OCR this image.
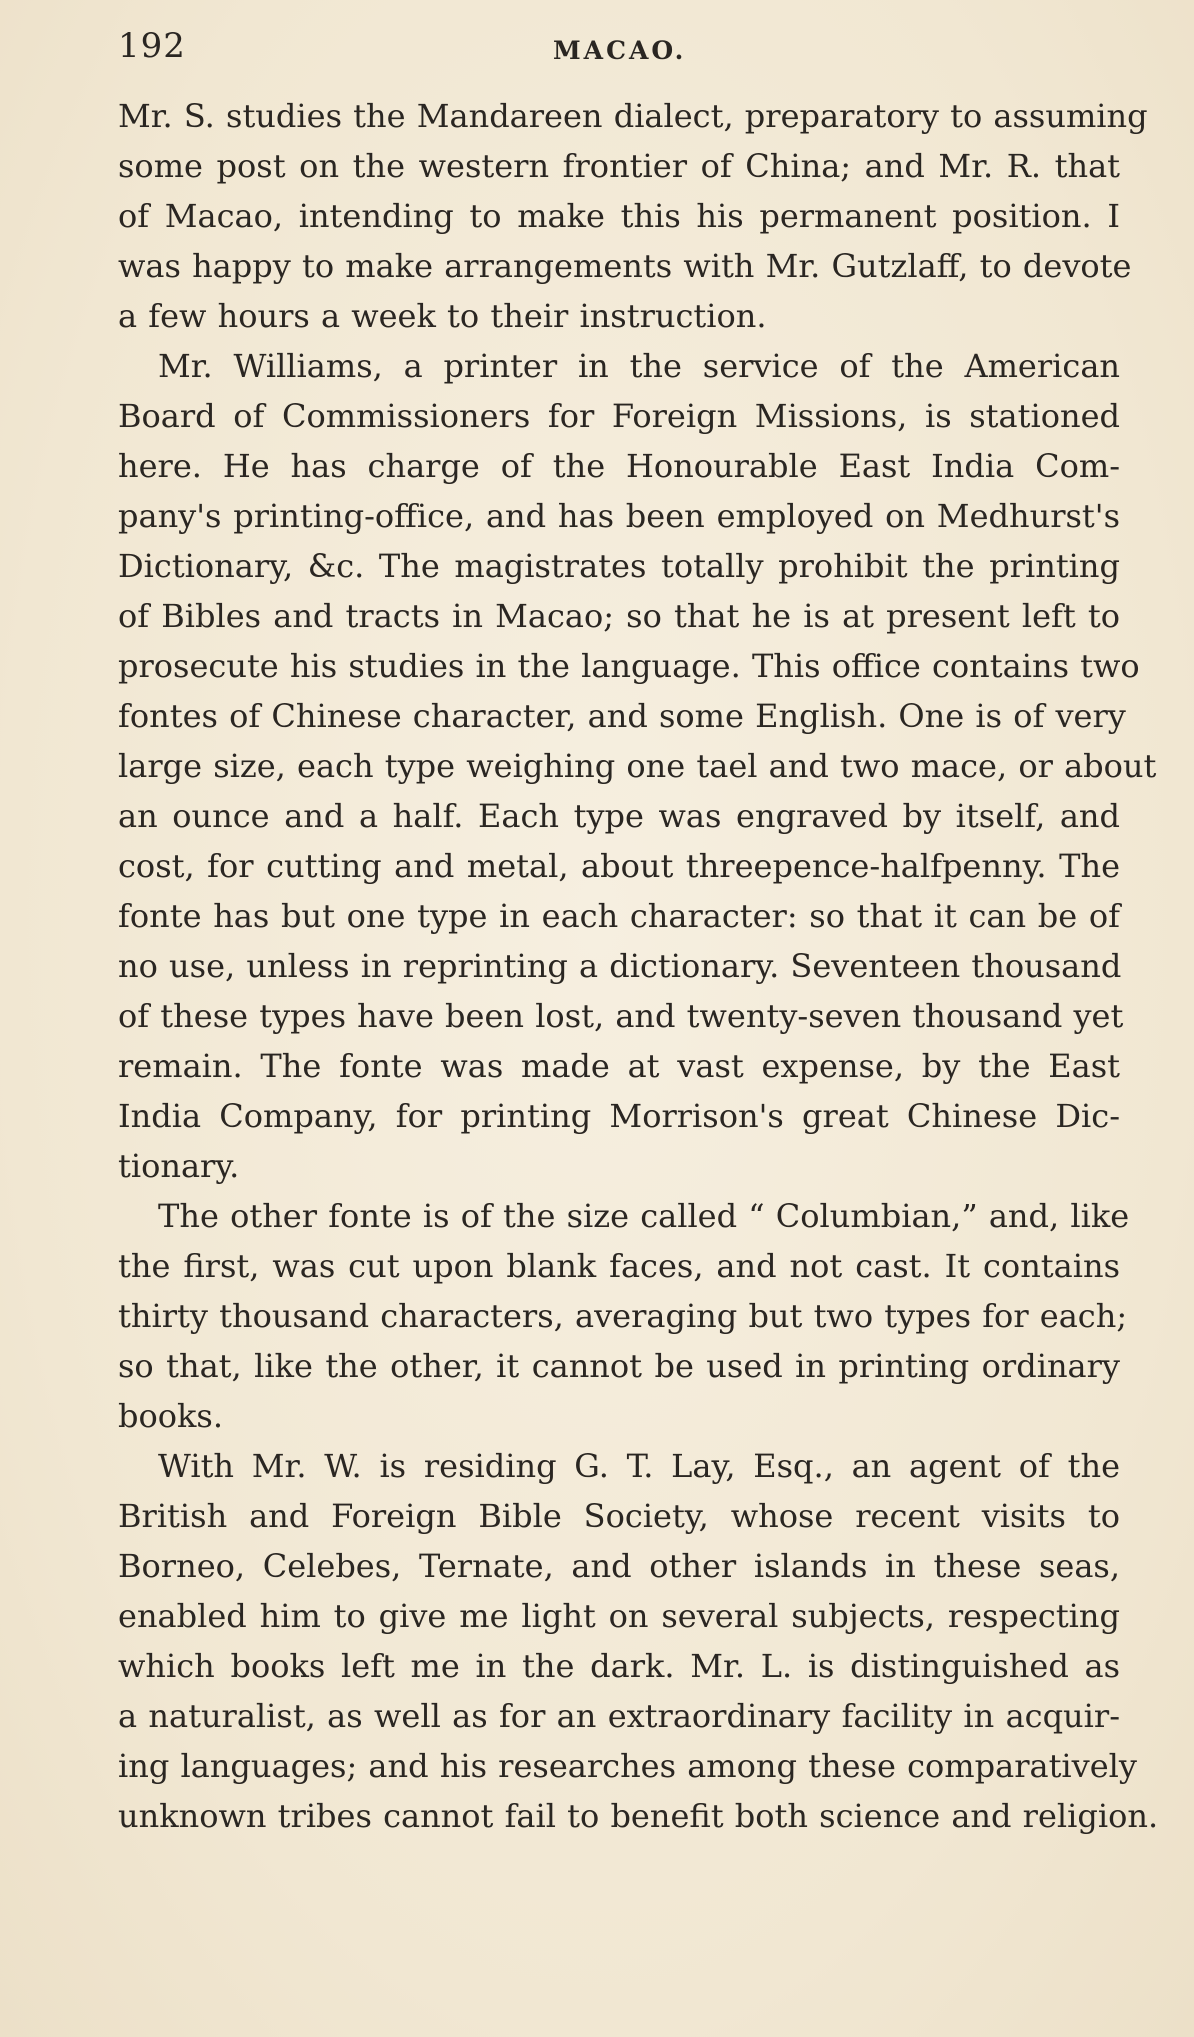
192	MACAO.

Mr. S. studies the Mandareen dialect, preparatory to assuming
some post on the western frontier of China; and Mr. R. that
of Macao, intending to make this his permanent position. I
was happy to make arrangements with Mr. Gutzlaff, to devote
a few hours a week to their instruction.

Mr. Williams, a printer in the service of the American
Board of Commissioners for Foreign Missions, is stationed
here. He has charge of the Honourable East India Com-
pany's printing-office, and has been employed on Medhurst's
Dictionary, &c. The magistrates totally prohibit the printing
of Bibles and tracts in Macao; so that he is at present left to
prosecute his studies in the language. This office contains two
fontes of Chinese character, and some English. One is of very
large size, each type weighing one tael and two mace, or about
an ounce and a half. Each type was engraved by itself, and
cost, for cutting and metal, about threepence-halfpenny. The
fonte has but one type in each character: so that it can be of
no use, unless in reprinting a dictionary. Seventeen thousand
of these types have been lost, and twenty-seven thousand yet
remain. The fonte was made at vast expense, by the East
India Company, for printing Morrison's great Chinese Dic-
tionary.

The other fonte is of the size called “ Columbian,” and, like
the first, was cut upon blank faces, and not cast. It contains
thirty thousand characters, averaging but two types for each;
so that, like the other, it cannot be used in printing ordinary
books.

With Mr. W. is residing G. T. Lay, Esq., an agent of the
British and Foreign Bible Society, whose recent visits to
Borneo, Celebes, Ternate, and other islands in these seas,
enabled him to give me light on several subjects, respecting
which books left me in the dark. Mr. L. is distinguished as
a naturalist, as well as for an extraordinary facility in acquir-
ing languages; and his researches among these comparatively
unknown tribes cannot fail to benefit both science and religion.
